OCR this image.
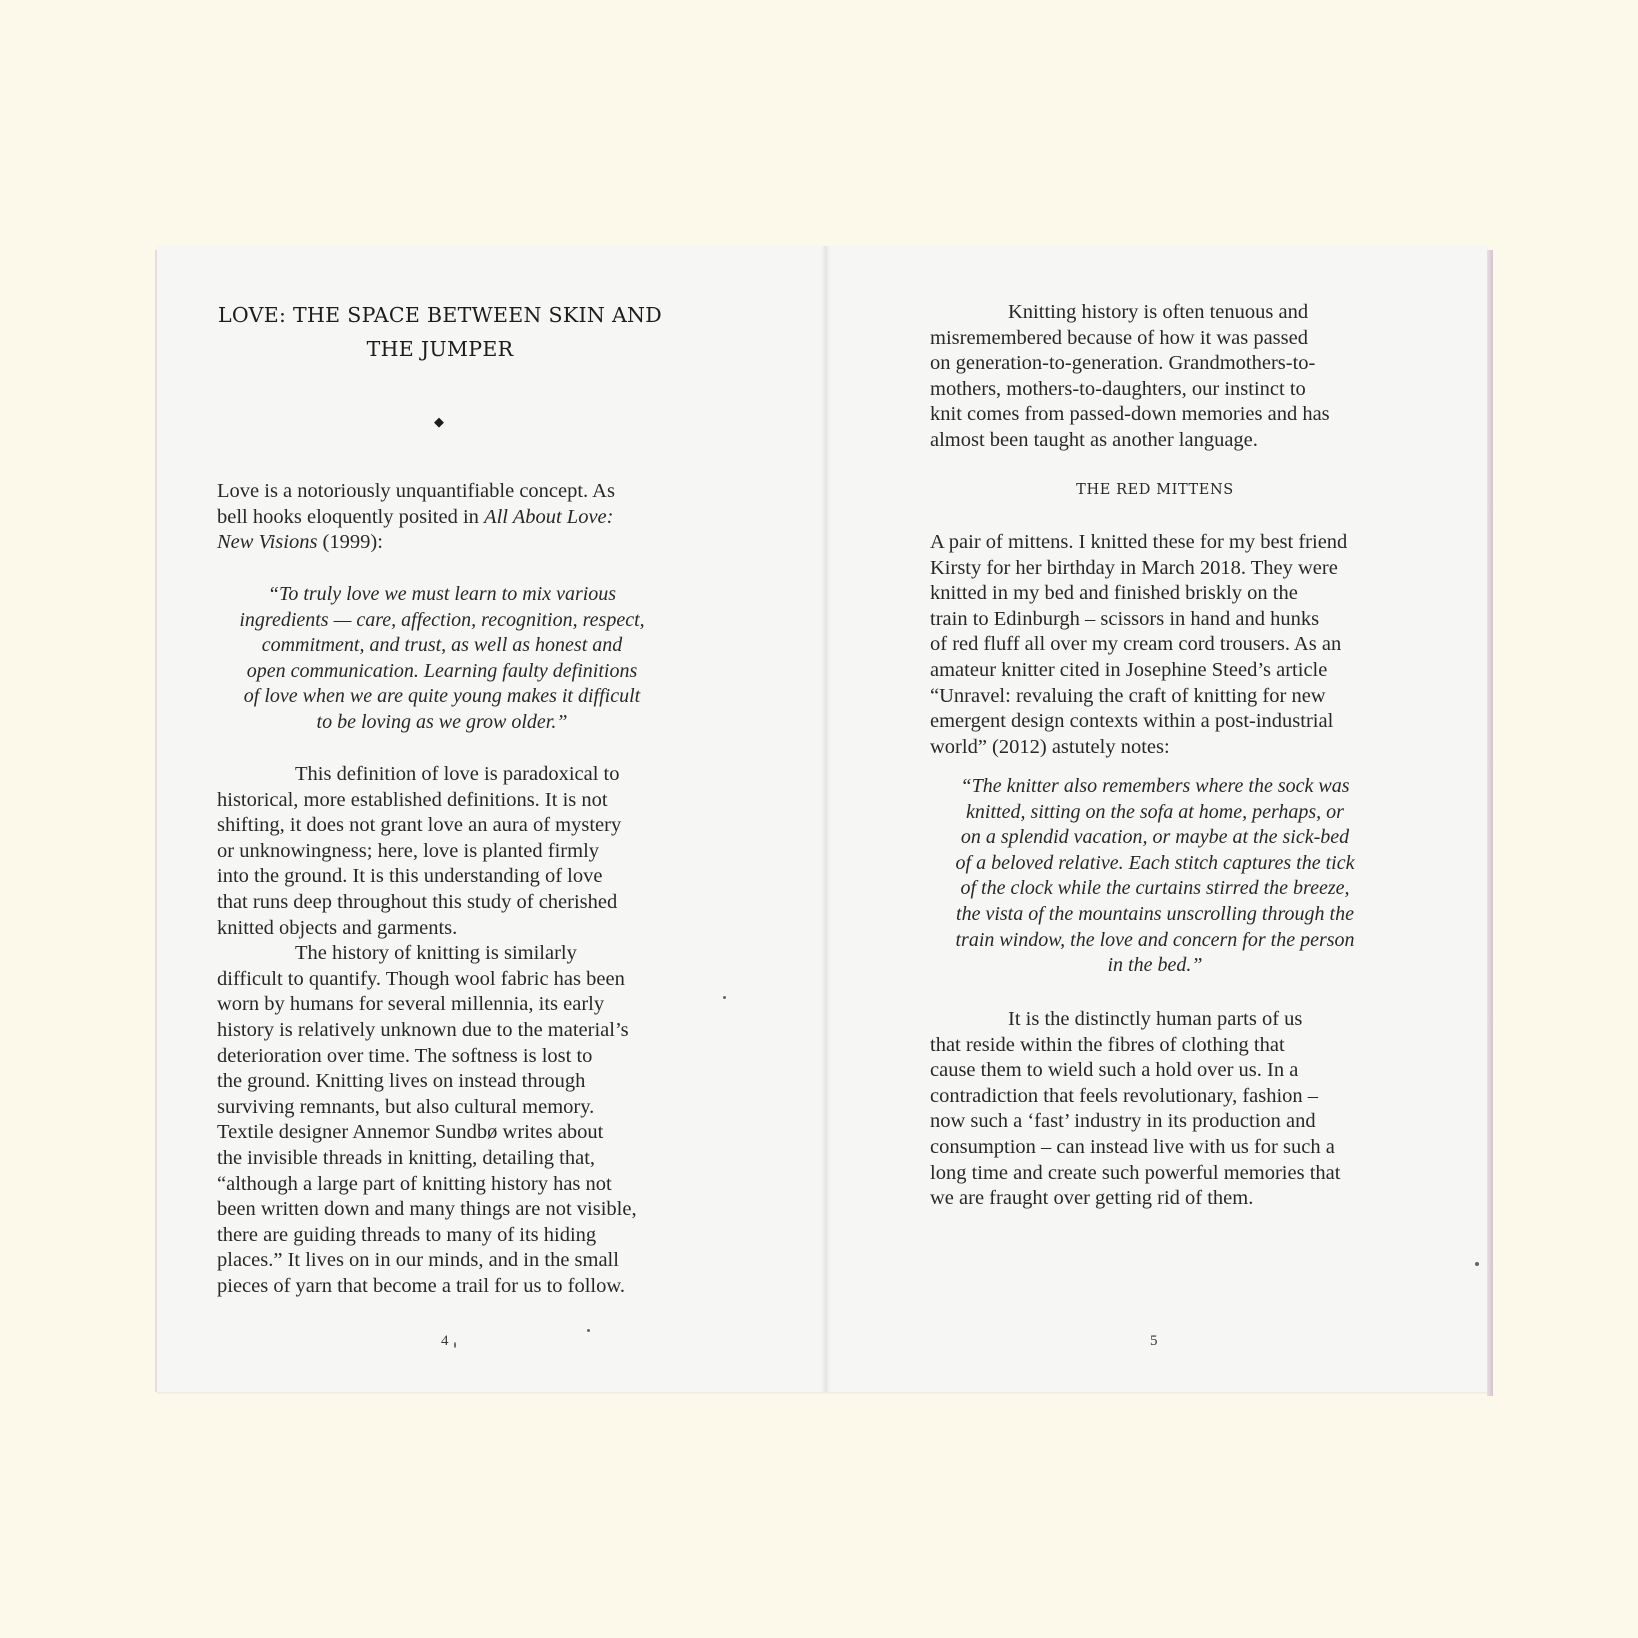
LOVE: THE SPACE BETWEEN SKIN AND
THE JUMPER
◆
Love is a notoriously unquantifiable concept. As
bell hooks eloquently posited in All About Love:
New Visions (1999):
“To truly love we must learn to mix various
ingredients — care, affection, recognition, respect,
commitment, and trust, as well as honest and
open communication. Learning faulty definitions
of love when we are quite young makes it difficult
to be loving as we grow older.”
This definition of love is paradoxical to
historical, more established definitions. It is not
shifting, it does not grant love an aura of mystery
or unknowingness; here, love is planted firmly
into the ground. It is this understanding of love
that runs deep throughout this study of cherished
knitted objects and garments.
The history of knitting is similarly
difficult to quantify. Though wool fabric has been
worn by humans for several millennia, its early
history is relatively unknown due to the material’s
deterioration over time. The softness is lost to
the ground. Knitting lives on instead through
surviving remnants, but also cultural memory.
Textile designer Annemor Sundbø writes about
the invisible threads in knitting, detailing that,
“although a large part of knitting history has not
been written down and many things are not visible,
there are guiding threads to many of its hiding
places.” It lives on in our minds, and in the small
pieces of yarn that become a trail for us to follow.
4
Knitting history is often tenuous and
misremembered because of how it was passed
on generation-to-generation. Grandmothers-to-
mothers, mothers-to-daughters, our instinct to
knit comes from passed-down memories and has
almost been taught as another language.
THE RED MITTENS
A pair of mittens. I knitted these for my best friend
Kirsty for her birthday in March 2018. They were
knitted in my bed and finished briskly on the
train to Edinburgh – scissors in hand and hunks
of red fluff all over my cream cord trousers. As an
amateur knitter cited in Josephine Steed’s article
“Unravel: revaluing the craft of knitting for new
emergent design contexts within a post-industrial
world” (2012) astutely notes:
“The knitter also remembers where the sock was
knitted, sitting on the sofa at home, perhaps, or
on a splendid vacation, or maybe at the sick-bed
of a beloved relative. Each stitch captures the tick
of the clock while the curtains stirred the breeze,
the vista of the mountains unscrolling through the
train window, the love and concern for the person
in the bed.”
It is the distinctly human parts of us
that reside within the fibres of clothing that
cause them to wield such a hold over us. In a
contradiction that feels revolutionary, fashion –
now such a ‘fast’ industry in its production and
consumption – can instead live with us for such a
long time and create such powerful memories that
we are fraught over getting rid of them.
5
